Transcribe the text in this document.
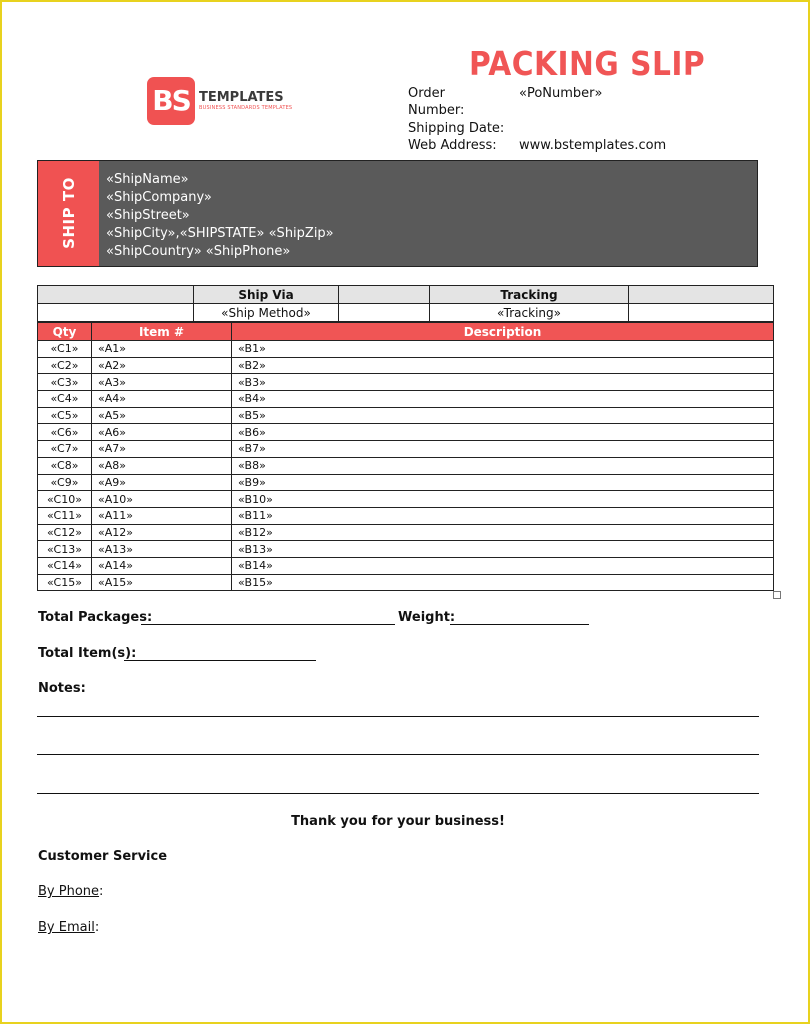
BS TEMPLATES
BUSINESS STANDARDS TEMPLATES
PACKING SLIP
Order
Number:
«PoNumber»
Shipping Date:
Web Address: www.bstemplates.com
SHIP TO «ShipName»
«ShipCompany»
«ShipStreet»
«ShipCity»,«SHIPSTATE» «ShipZip»
«ShipCountry» «ShipPhone»
	Ship Via		Tracking	
	«Ship Method»		«Tracking»	
Qty	Item #	Description
«C1»	«A1»	«B1»
«C2»	«A2»	«B2»
«C3»	«A3»	«B3»
«C4»	«A4»	«B4»
«C5»	«A5»	«B5»
«C6»	«A6»	«B6»
«C7»	«A7»	«B7»
«C8»	«A8»	«B8»
«C9»	«A9»	«B9»
«C10»	«A10»	«B10»
«C11»	«A11»	«B11»
«C12»	«A12»	«B12»
«C13»	«A13»	«B13»
«C14»	«A14»	«B14»
«C15»	«A15»	«B15»
Total Packages:	Weight:
Total Item(s):
Notes:
Thank you for your business!
Customer Service
By Phone:
By Email:
